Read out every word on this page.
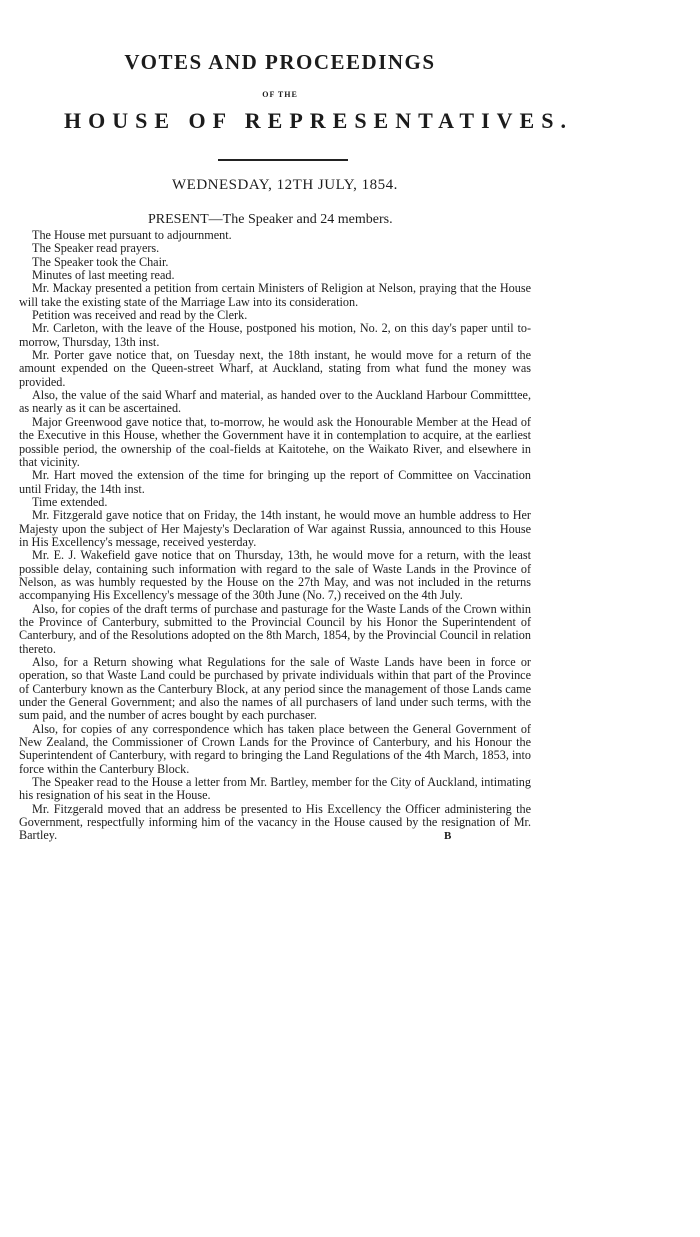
VOTES AND PROCEEDINGS
OF THE
HOUSE OF REPRESENTATIVES.
WEDNESDAY, 12TH JULY, 1854.
PRESENT—The Speaker and 24 members.

The House met pursuant to adjournment.

The Speaker read prayers.

The Speaker took the Chair.

Minutes of last meeting read.

Mr. Mackay presented a petition from certain Ministers of Religion at Nelson, praying that the House will take the existing state of the Marriage Law into its consideration.

Petition was received and read by the Clerk.

Mr. Carleton, with the leave of the House, postponed his motion, No. 2, on this day's paper until to-morrow, Thursday, 13th inst.

Mr. Porter gave notice that, on Tuesday next, the 18th instant, he would move for a return of the amount expended on the Queen-street Wharf, at Auckland, stating from what fund the money was provided.

Also, the value of the said Wharf and material, as handed over to the Auckland Harbour Committtee, as nearly as it can be ascertained.

Major Greenwood gave notice that, to-morrow, he would ask the Honourable Member at the Head of the Executive in this House, whether the Government have it in contemplation to acquire, at the earliest possible period, the ownership of the coal-fields at Kaitotehe, on the Waikato River, and elsewhere in that vicinity.

Mr. Hart moved the extension of the time for bringing up the report of Committee on Vaccination until Friday, the 14th inst.

Time extended.

Mr. Fitzgerald gave notice that on Friday, the 14th instant, he would move an humble address to Her Majesty upon the subject of Her Majesty's Declaration of War against Russia, announced to this House in His Excellency's message, received yesterday.

Mr. E. J. Wakefield gave notice that on Thursday, 13th, he would move for a return, with the least possible delay, containing such information with regard to the sale of Waste Lands in the Province of Nelson, as was humbly requested by the House on the 27th May, and was not included in the returns accompanying His Excellency's message of the 30th June (No. 7,) received on the 4th July.

Also, for copies of the draft terms of purchase and pasturage for the Waste Lands of the Crown within the Province of Canterbury, submitted to the Provincial Council by his Honor the Superintendent of Canterbury, and of the Resolutions adopted on the 8th March, 1854, by the Provincial Council in relation thereto.

Also, for a Return showing what Regulations for the sale of Waste Lands have been in force or operation, so that Waste Land could be purchased by private individuals within that part of the Province of Canterbury known as the Canterbury Block, at any period since the management of those Lands came under the General Government; and also the names of all purchasers of land under such terms, with the sum paid, and the number of acres bought by each purchaser.

Also, for copies of any correspondence which has taken place between the General Government of New Zealand, the Commissioner of Crown Lands for the Province of Canterbury, and his Honour the Superintendent of Canterbury, with regard to bringing the Land Regulations of the 4th March, 1853, into force within the Canterbury Block.

The Speaker read to the House a letter from Mr. Bartley, member for the City of Auckland, intimating his resignation of his seat in the House.

Mr. Fitzgerald moved that an address be presented to His Excellency the Officer administering the Government, respectfully informing him of the vacancy in the House caused by the resignation of Mr. Bartley.	B
